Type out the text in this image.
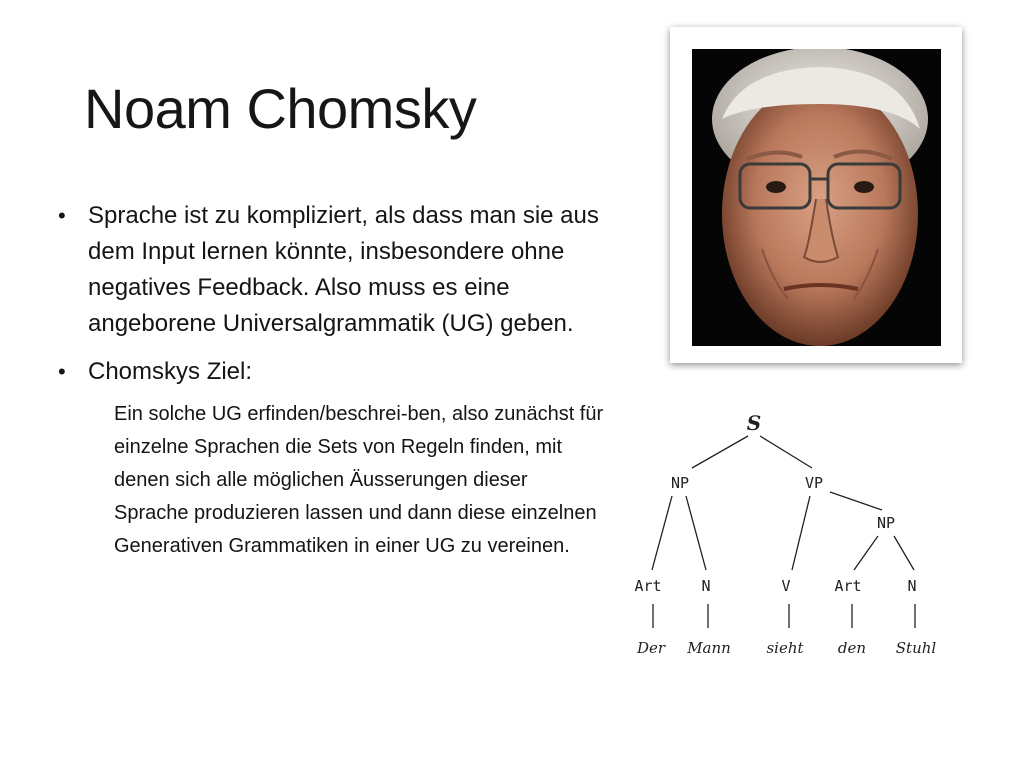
Noam Chomsky
• Sprache ist zu kompliziert, als dass man sie aus dem Input lernen könnte, insbesondere ohne negatives Feedback. Also muss es eine angeborene Universalgrammatik (UG) geben.
• Chomskys Ziel:
Ein solche UG erfinden/beschrei-ben, also zunächst für einzelne Sprachen die Sets von Regeln finden, mit denen sich alle möglichen Äusserungen dieser Sprache produzieren lassen und dann diese einzelnen Generativen Grammatiken in einer UG zu vereinen.
S
NP	VP
NP
Art	N	V	Art	N
Der Mann sieht den Stuhl
